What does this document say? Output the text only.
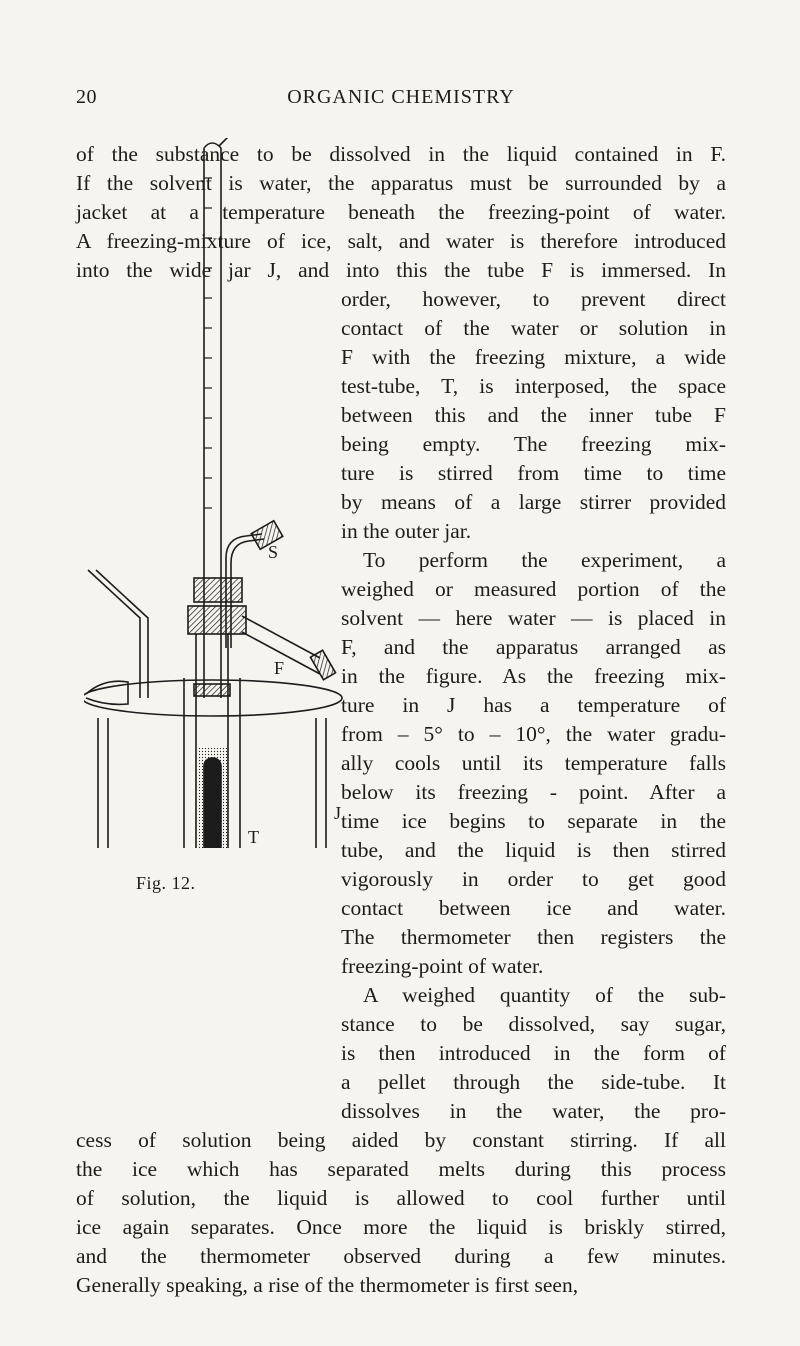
20	ORGANIC CHEMISTRY
of the substance to be dissolved in the liquid contained in F.
If the solvent is water, the apparatus must be surrounded by a
jacket at a temperature beneath the freezing-point of water.
A freezing-mixture of ice, salt, and water is therefore introduced
into the wide jar J, and into this the tube F is immersed. In
order, however, to prevent direct
contact of the water or solution in
F with the freezing mixture, a wide
test-tube, T, is interposed, the space
between this and the inner tube F
being empty. The freezing mix-
ture is stirred from time to time
by means of a large stirrer provided
in the outer jar.
To perform the experiment, a
weighed or measured portion of the
solvent — here water — is placed in
F, and the apparatus arranged as
in the figure. As the freezing mix-
ture in J has a temperature of
from – 5° to – 10°, the water gradu-
ally cools until its temperature falls
below its freezing - point. After a
time ice begins to separate in the
tube, and the liquid is then stirred
vigorously in order to get good
contact between ice and water.
The thermometer then registers the
freezing-point of water.
A weighed quantity of the sub-
stance to be dissolved, say sugar,
is then introduced in the form of
a pellet through the side-tube. It
dissolves in the water, the pro-
cess of solution being aided by constant stirring. If all
the ice which has separated melts during this process
of solution, the liquid is allowed to cool further until
ice again separates. Once more the liquid is briskly stirred,
and the thermometer observed during a few minutes.
Generally speaking, a rise of the thermometer is first seen,
S
F
T
J
Fig. 12.
